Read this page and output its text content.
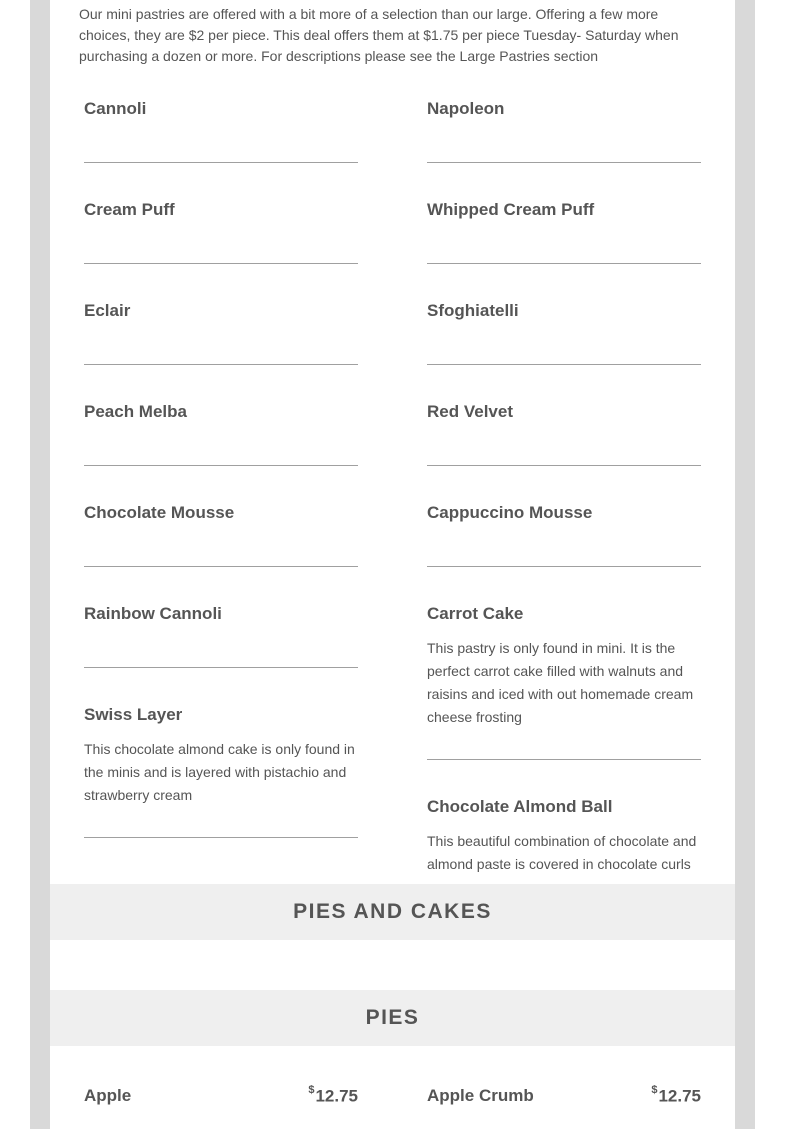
Our mini pastries are offered with a bit more of a selection than our large. Offering a few more choices, they are $2 per piece. This deal offers them at $1.75 per piece Tuesday- Saturday when purchasing a dozen or more. For descriptions please see the Large Pastries section

Cannoli
Cream Puff
Eclair
Peach Melba
Chocolate Mousse
Rainbow Cannoli
Swiss Layer
This chocolate almond cake is only found in the minis and is layered with pistachio and strawberry cream
Napoleon
Whipped Cream Puff
Sfoghiatelli
Red Velvet
Cappuccino Mousse
Carrot Cake
This pastry is only found in mini. It is the perfect carrot cake filled with walnuts and raisins and iced with out homemade cream cheese frosting
Chocolate Almond Ball
This beautiful combination of chocolate and almond paste is covered in chocolate curls
PIES AND CAKES
PIES
Apple	$12.75	Apple Crumb	$12.75
